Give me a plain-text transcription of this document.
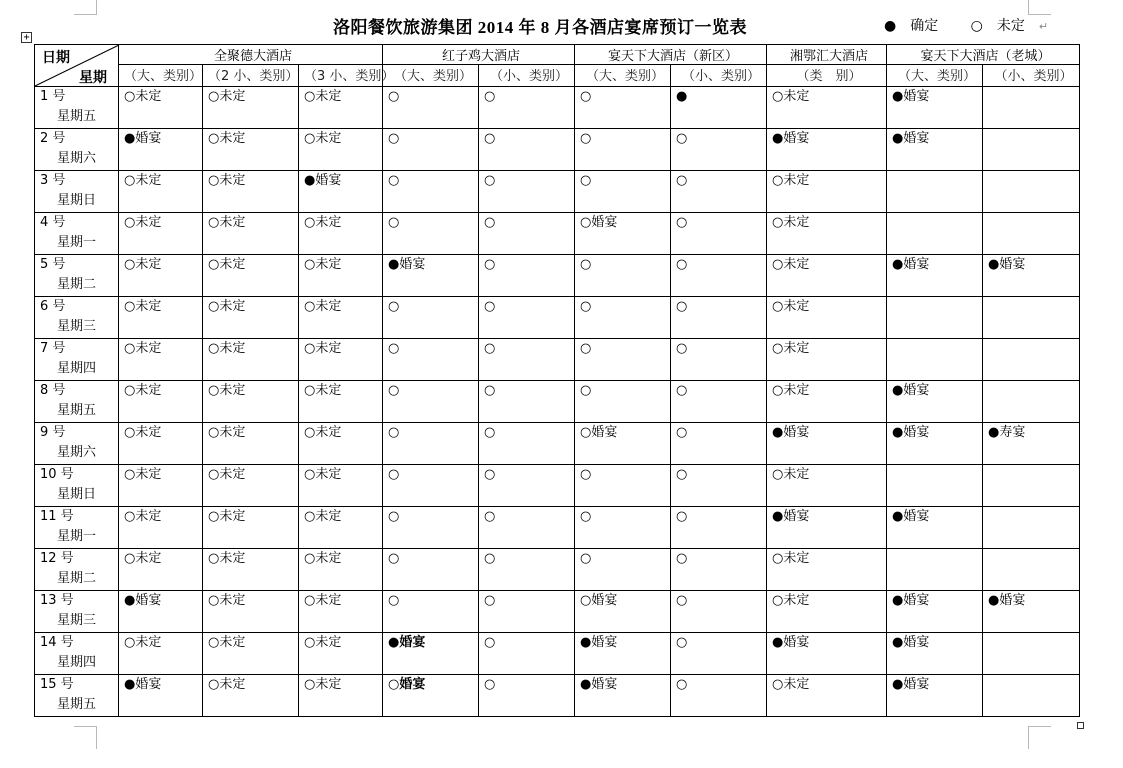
+
洛阳餐饮旅游集团 2014 年 8 月各酒店宴席预订一览表	● 确定 ○ 未定 ↵
日期
星期	全聚德大酒店			红子鸡大酒店		宴天下大酒店（新区）		湘鄂汇大酒店	宴天下大酒店（老城）	
	（大、类别）	（2 小、类别）	（3 小、类别）	（大、类别）	（小、类别）	（大、类别）	（小、类别）	（类　别）	（大、类别）	（小、类别）
1 号
星期五	○未定	○未定	○未定	○	○	○	●	○未定	●婚宴	
2 号
星期六	●婚宴	○未定	○未定	○	○	○	○	●婚宴	●婚宴	
3 号
星期日	○未定	○未定	●婚宴	○	○	○	○	○未定		
4 号
星期一	○未定	○未定	○未定	○	○	○婚宴	○	○未定		
5 号
星期二	○未定	○未定	○未定	●婚宴	○	○	○	○未定	●婚宴	●婚宴
6 号
星期三	○未定	○未定	○未定	○	○	○	○	○未定		
7 号
星期四	○未定	○未定	○未定	○	○	○	○	○未定		
8 号
星期五	○未定	○未定	○未定	○	○	○	○	○未定	●婚宴	
9 号
星期六	○未定	○未定	○未定	○	○	○婚宴	○	●婚宴	●婚宴	●寿宴
10 号
星期日	○未定	○未定	○未定	○	○	○	○	○未定		
11 号
星期一	○未定	○未定	○未定	○	○	○	○	●婚宴	●婚宴	
12 号
星期二	○未定	○未定	○未定	○	○	○	○	○未定		
13 号
星期三	●婚宴	○未定	○未定	○	○	○婚宴	○	○未定	●婚宴	●婚宴
14 号
星期四	○未定	○未定	○未定	●婚宴	○	●婚宴	○	●婚宴	●婚宴	
15 号
星期五	●婚宴	○未定	○未定	○婚宴	○	●婚宴	○	○未定	●婚宴	
